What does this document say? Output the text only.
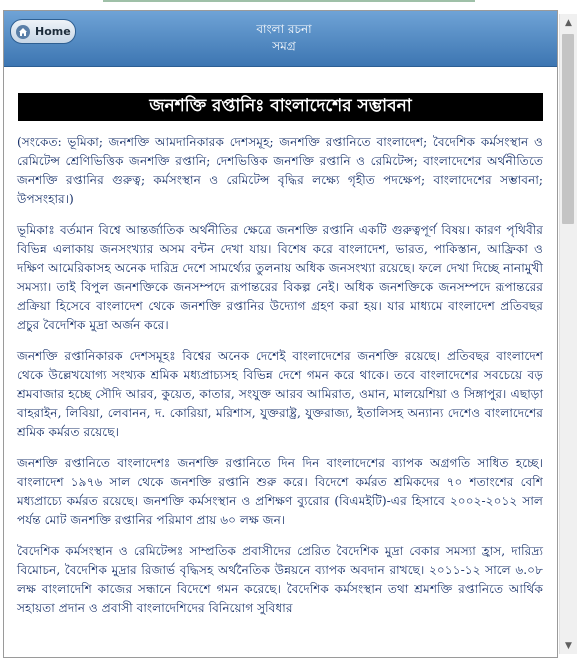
Home	বাংলা রচনা
সমগ্র
জনশক্তি রপ্তানিঃ বাংলাদেশের সম্ভাবনা

(সংকেত: ভূমিকা; জনশক্তি আমদানিকারক দেশসমূহ; জনশক্তি রপ্তানিতে বাংলাদেশ; বৈদেশিক কর্মসংস্থান ও রেমিটেন্স শ্রেণিভিত্তিক জনশক্তি রপ্তানি; দেশভিত্তিক জনশক্তি রপ্তানি ও রেমিটেন্স; বাংলাদেশের অর্থনীতিতে জনশক্তি রপ্তানির গুরুত্ব; কর্মসংস্থান ও রেমিটেন্স বৃদ্ধির লক্ষ্যে গৃহীত পদক্ষেপ; বাংলাদেশের সম্ভাবনা; উপসংহার।)

ভূমিকাঃ বর্তমান বিশ্বে আন্তর্জাতিক অর্থনীতির ক্ষেত্রে জনশক্তি রপ্তানি একটি গুরুত্বপূর্ণ বিষয়। কারণ পৃথিবীর বিভিন্ন এলাকায় জনসংখ্যার অসম বন্টন দেখা যায়। বিশেষ করে বাংলাদেশ, ভারত, পাকিস্তান, আফ্রিকা ও দক্ষিণ আমেরিকাসহ অনেক দারিদ্র দেশে সামর্থ্যের তুলনায় অধিক জনসংখ্যা রয়েছে। ফলে দেখা দিচ্ছে নানামুখী সমস্যা। তাই বিপুল জনশক্তিকে জনসম্পদে রূপান্তরের বিকল্প নেই। অধিক জনশক্তিকে জনসম্পদে রূপান্তরের প্রক্রিয়া হিসেবে বাংলাদেশ থেকে জনশক্তি রপ্তানির উদ্যোগ গ্রহণ করা হয়। যার মাধ্যমে বাংলাদেশ প্রতিবছর প্রচুর বৈদেশিক মুদ্রা অর্জন করে।

জনশক্তি রপ্তানিকারক দেশসমূহঃ বিশ্বের অনেক দেশেই বাংলাদেশের জনশক্তি রয়েছে। প্রতিবছর বাংলাদেশ থেকে উল্লেখযোগ্য সংখ্যক শ্রমিক মধ্যপ্রাচ্যসহ বিভিন্ন দেশে গমন করে থাকে। তবে বাংলাদেশের সবচেয়ে বড় শ্রমবাজার হচ্ছে সৌদি আরব, কুয়েত, কাতার, সংযুক্ত আরব আমিরাত, ওমান, মালয়েশিয়া ও সিঙ্গাপুর। এছাড়া বাহরাইন, লিবিয়া, লেবানন, দ. কোরিয়া, মরিশাস, যুক্তরাষ্ট্র, যুক্তরাজ্য, ইতালিসহ অন্যান্য দেশেও বাংলাদেশের শ্রমিক কর্মরত রয়েছে।

জনশক্তি রপ্তানিতে বাংলাদেশঃ জনশক্তি রপ্তানিতে দিন দিন বাংলাদেশের ব্যাপক অগ্রগতি সাধিত হচ্ছে। বাংলাদেশ ১৯৭৬ সাল থেকে জনশক্তি রপ্তানি শুরু করে। বিদেশে কর্মরত শ্রমিকদের ৭০ শতাংশের বেশি মধ্যপ্রাচ্যে কর্মরত রয়েছে। জনশক্তি কর্মসংস্থান ও প্রশিক্ষণ ব্যুরোর (বিএমইটি)-এর হিসাবে ২০০২-২০১২ সাল পর্যন্ত মোট জনশক্তি রপ্তানির পরিমাণ প্রায় ৬০ লক্ষ জন।

বৈদেশিক কর্মসংস্থান ও রেমিটেন্সঃ সাম্প্রতিক প্রবাসীদের প্রেরিত বৈদেশিক মুদ্রা বেকার সমস্যা হ্রাস, দারিদ্র্য বিমোচন, বৈদেশিক মুদ্রার রিজার্ভ বৃদ্ধিসহ অর্থনৈতিক উন্নয়নে ব্যাপক অবদান রাখছে। ২০১১-১২ সালে ৬.০৮ লক্ষ বাংলাদেশি কাজের সন্ধানে বিদেশে গমন করেছে। বৈদেশিক কর্মসংস্থান তথা শ্রমশক্তি রপ্তানিতে আর্থিক সহায়তা প্রদান ও প্রবাসী বাংলাদেশিদের বিনিয়োগ সুবিধার

▲
▼
